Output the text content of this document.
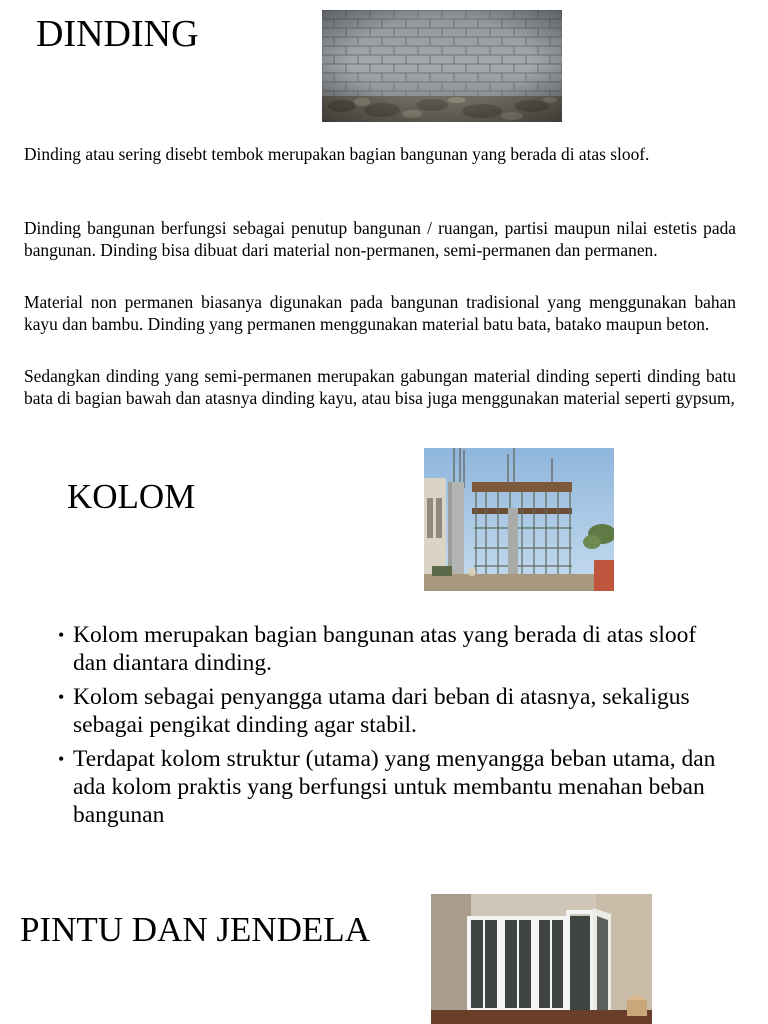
DINDING

Dinding atau sering disebt tembok merupakan bagian bangunan yang berada di atas sloof.

Dinding bangunan berfungsi sebagai penutup bangunan / ruangan, partisi maupun nilai estetis pada bangunan. Dinding bisa dibuat dari material non-permanen, semi-permanen dan permanen.

Material non permanen biasanya digunakan pada bangunan tradisional yang menggunakan bahan kayu dan bambu. Dinding yang permanen menggunakan material batu bata, batako maupun beton.

Sedangkan dinding yang semi-permanen merupakan gabungan material dinding seperti dinding batu bata di bagian bawah dan atasnya dinding kayu, atau bisa juga menggunakan material seperti gypsum,

KOLOM
• Kolom merupakan bagian bangunan atas yang berada di atas sloof dan diantara dinding.
• Kolom sebagai penyangga utama dari beban di atasnya, sekaligus sebagai pengikat dinding agar stabil.
• Terdapat kolom struktur (utama) yang menyangga beban utama, dan ada kolom praktis yang berfungsi untuk membantu menahan beban bangunan
PINTU DAN JENDELA
